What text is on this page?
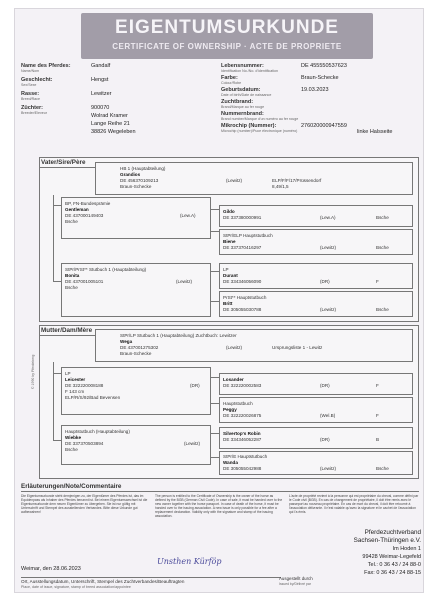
EIGENTUMSURKUNDE
CERTIFICATE OF OWNERSHIP · ACTE DE PROPRIETE
Name des Pferdes:
Name/Nom
Gandalf
Geschlecht:
Sex/Sexe
Hengst
Rasse:
Breed/Race
Lewitzer
Züchter:
Breeder/Eleveur
900070
Wolrad Kramer
Lange Reihe 21
38826 Wegeleben
Lebensnummer:
Identification No./No. d'identification
DE 455550537623
Farbe:
Colour/Robe
Braun-Schecke
Geburtsdatum:
Date of birth/Date de naissance
19.03.2023
Zuchtbrand:
Brand/Marque au fer rouge
Nummernbrand:
Brand number/Marque d'un numéro au fer rouge
Mikrochip (Nummer):
Microchip (number)/Puce électronique (numéro)
276020000947559
linke Halsseite
Vater/Sire/Père
HB 1 (Hauptabteilung)
Grandios
DE 456370109213
Braun-Schecke
(Lewitz)	ELP/F/F/17/Prüssendorf
8,49/1,5
BP, FN-Bundesprämie
Gentleman
DE 437000149403
Bsche
(Lew.A)
Gildo
DE 337380000991	(Lew.A)	Bsche
StPr/ELP Hauptstutbuch
Biene
DE 337370416297	(Lewitz)	Bsche
StPr/PrSt** Stutbuch 1 (Hauptabteilung)
Bonita
DE 437001005101
Bsche
(Lewitz)
LP
Durant
DE 334346056090	(DR)	F
PrSt** Hauptstutbuch
Britt
DE 305055030788	(Lewitz)	Bsche
Mutter/Dam/Mère
StPr/LP Stutbuch 1 (Hauptabteilung) Zuchtbuch: Lewitzer
Wega
DE 437001275302
Braun-Schecke
(Lewitz)	Ursprungsliste 1 - Lewitz
LP
Leicester
DE 322220008188
F 143 cm
ELP/R/S/92/Bad Bevensen
(DR)
Losander
DE 322220002583	(DR)	F
Hauptstutbuch
Peggy
DE 322220026875	(Wel.B)	F
Hauptstutbuch (Hauptabteilung)
Wiebke
DE 337370503894
Bsche
(Lewitz)
Silvertop's Robin
DE 334346052287	(DR)	B
StPr/E Hauptstutbuch
Wanda
DE 305055042988	(Lewitz)	Bsche
© 1990 by Pferdeberg
Erläuterungen/Note/Commentaire
Die Eigentumsurkunde steht demjenigen zu, der Eigentümer des Pferdes ist, das im Equidenpass als Inhaber des Pferdes benannt ist. Bei einem Eigentumswechsel ist die Eigentumsurkunde dem neuen Eigentümer zu übergeben. Sie ist nur gültig mit Unterschrift und Stempel des ausstellenden Verbandes. Bitte diese Urkunde gut aufbewahren!
The person is entitled to the Certificate of Ownership is the owner of the horse as defined by the BGB (German Civil Code). In case of sale, it must be handed over to the new owner together with the horse passport. In case of death of the horse, it must be handed over to the issuing association. A new issue is only possible for a fee after a replacement declaration. Validity only with the signature and stamp of the issuing association.
L'acte de propriété revient à la personne qui est propriétaire du cheval, comme défini par le Code civil (BGB). En cas de changement de propriétaire, il doit être remis avec le passeport au nouveau propriétaire. En cas de mort du cheval, il doit être retourné à l'association délivrante. Il n'est valable qu'avec la signature et le cachet de l'association qui l'a émis.
Weimar, den 28.06.2023
Unsthen Kürföp
Ort, Ausstellungsdatum, Unterschrift, Stempel des Zuchtverbandes/Beauftragten
Place, date of issue, signature, stamp of breed association/appointee
Ausgestellt durch
Issued by/Délivré par
Pferdezuchtverband
Sachsen-Thüringen e.V.
Im Hoden 1
99428 Weimar-Legefeld
Tel.: 0 36 43 / 24 88-0
Fax: 0 36 43 / 24 88-15
